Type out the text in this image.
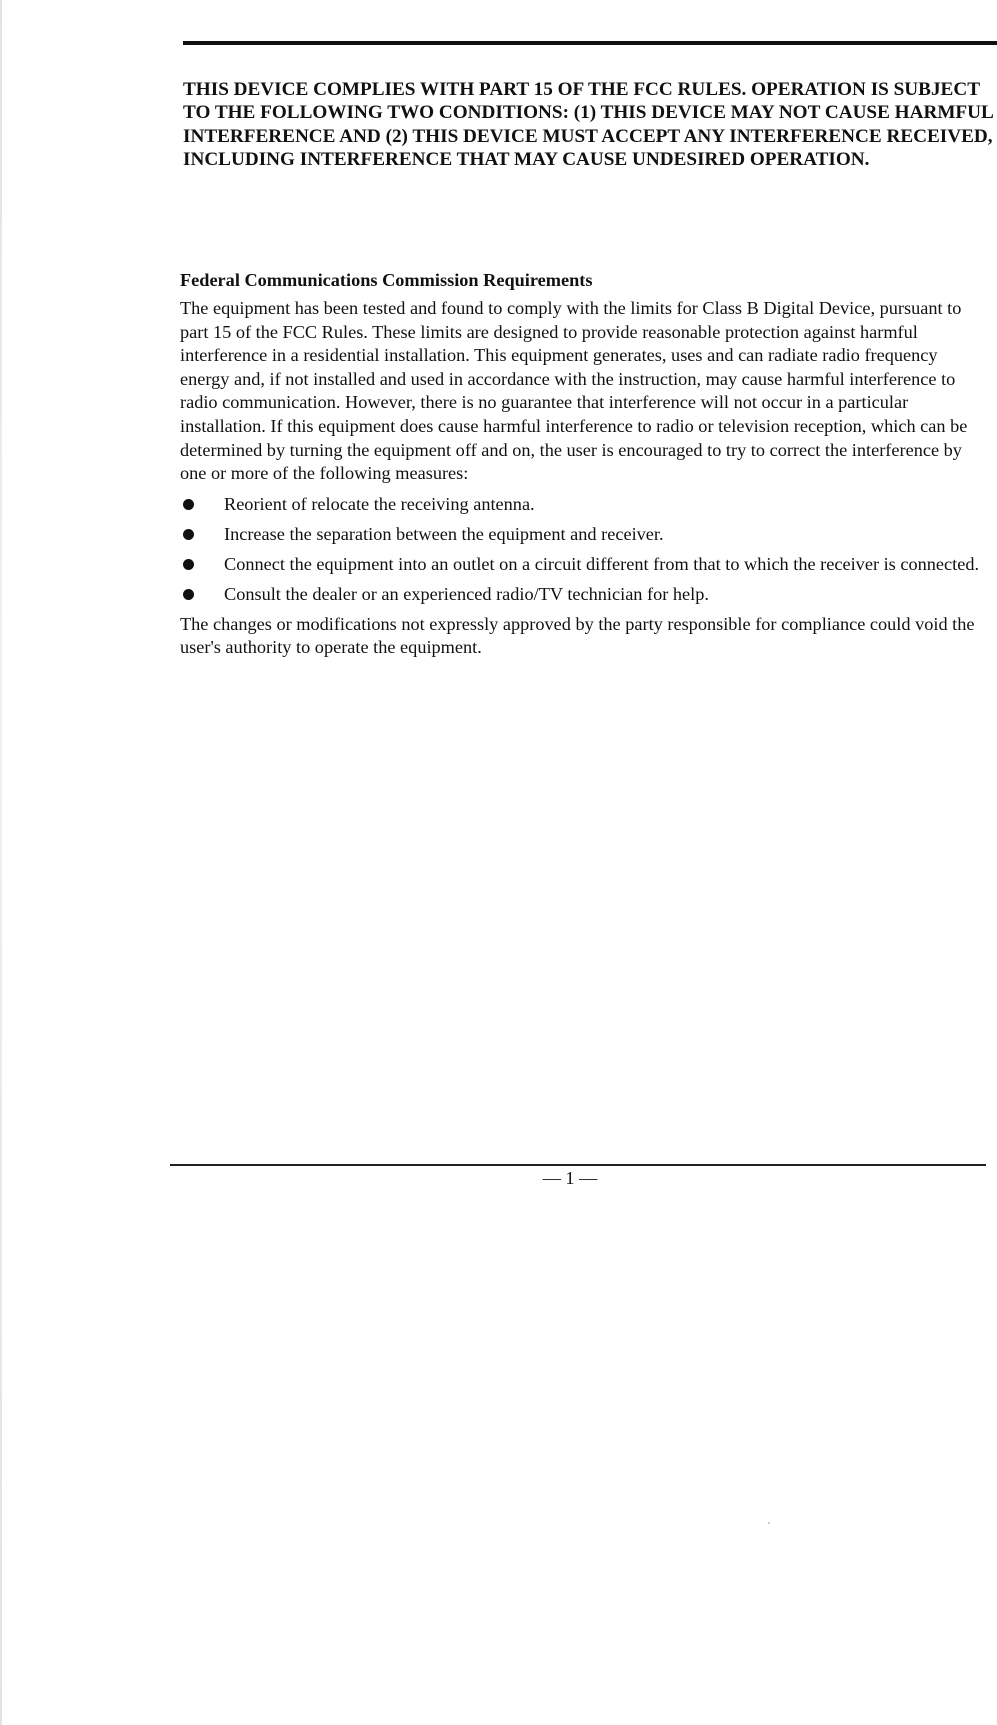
THIS DEVICE COMPLIES WITH PART 15 OF THE FCC RULES. OPERATION IS SUBJECT TO THE FOLLOWING TWO CONDITIONS: (1) THIS DEVICE MAY NOT CAUSE HARMFUL INTERFERENCE AND (2) THIS DEVICE MUST ACCEPT ANY INTERFERENCE RECEIVED, INCLUDING INTERFERENCE THAT MAY CAUSE UNDESIRED OPERATION.

Federal Communications Commission Requirements

The equipment has been tested and found to comply with the limits for Class B Digital Device, pursuant to part 15 of the FCC Rules. These limits are designed to provide reasonable protection against harmful interference in a residential installation. This equipment generates, uses and can radiate radio frequency energy and, if not installed and used in accordance with the instruction, may cause harmful interference to radio communication. However, there is no guarantee that interference will not occur in a particular installation. If this equipment does cause harmful interference to radio or television reception, which can be determined by turning the equipment off and on, the user is encouraged to try to correct the interference by one or more of the following measures:

Reorient of relocate the receiving antenna.
Increase the separation between the equipment and receiver.
Connect the equipment into an outlet on a circuit different from that to which the receiver is connected.
Consult the dealer or an experienced radio/TV technician for help.

The changes or modifications not expressly approved by the party responsible for compliance could void the user's authority to operate the equipment.

— 1 —
